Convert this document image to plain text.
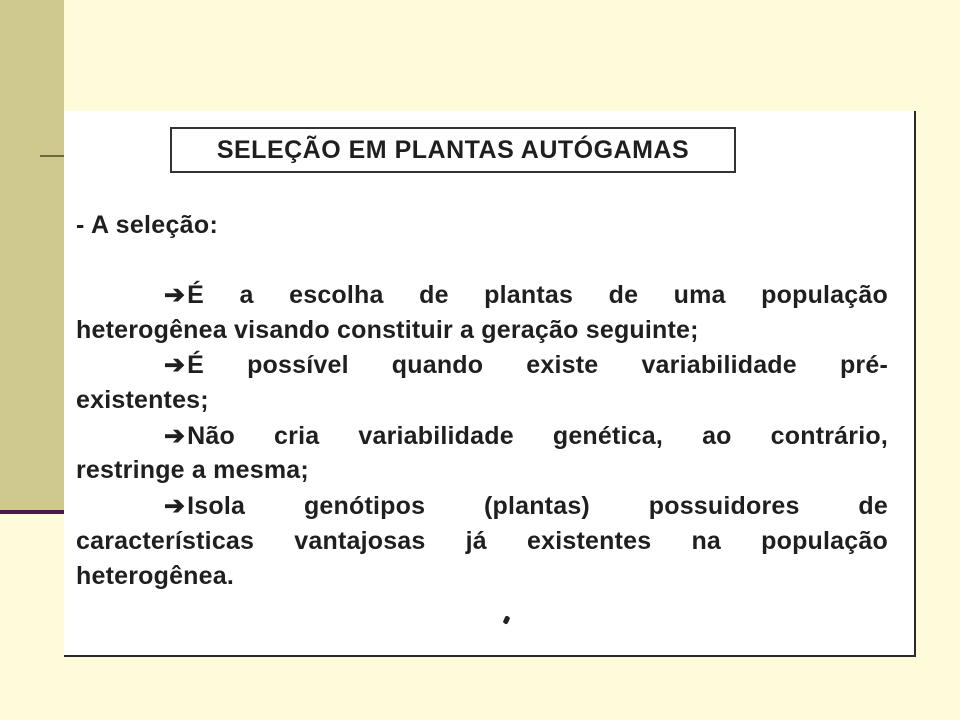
SELEÇÃO EM PLANTAS AUTÓGAMAS
- A seleção:
➔É a escolha de plantas de uma população
heterogênea visando constituir a geração seguinte;
➔É possível quando existe variabilidade pré-
existentes;
➔Não cria variabilidade genética, ao contrário,
restringe a mesma;
➔Isola genótipos (plantas) possuidores de
características vantajosas já existentes na população
heterogênea.
